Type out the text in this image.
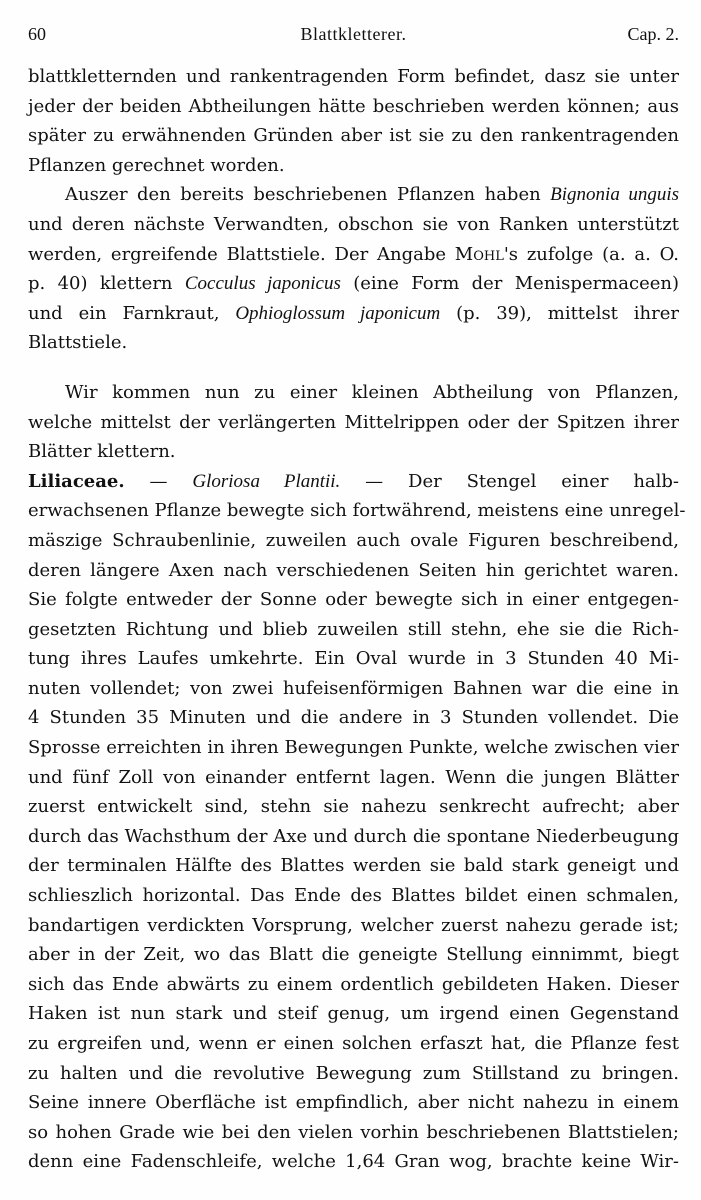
60	Blattkletterer.	Cap. 2.
blattkletternden und rankentragenden Form befindet, dasz sie unter
jeder der beiden Abtheilungen hätte beschrieben werden können; aus
später zu erwähnenden Gründen aber ist sie zu den rankentragenden
Pflanzen gerechnet worden.
Auszer den bereits beschriebenen Pflanzen haben Bignonia unguis
und deren nächste Verwandten, obschon sie von Ranken unterstützt
werden, ergreifende Blattstiele. Der Angabe Mohl's zufolge (a. a. O.
p. 40) klettern Cocculus japonicus (eine Form der Menispermaceen)
und ein Farnkraut, Ophioglossum japonicum (p. 39), mittelst ihrer
Blattstiele.
Wir kommen nun zu einer kleinen Abtheilung von Pflanzen,
welche mittelst der verlängerten Mittelrippen oder der Spitzen ihrer
Blätter klettern.
Liliaceae. — Gloriosa Plantii. — Der Stengel einer halb-
erwachsenen Pflanze bewegte sich fortwährend, meistens eine unregel-
mäszige Schraubenlinie, zuweilen auch ovale Figuren beschreibend,
deren längere Axen nach verschiedenen Seiten hin gerichtet waren.
Sie folgte entweder der Sonne oder bewegte sich in einer entgegen-
gesetzten Richtung und blieb zuweilen still stehn, ehe sie die Rich-
tung ihres Laufes umkehrte. Ein Oval wurde in 3 Stunden 40 Mi-
nuten vollendet; von zwei hufeisenförmigen Bahnen war die eine in
4 Stunden 35 Minuten und die andere in 3 Stunden vollendet. Die
Sprosse erreichten in ihren Bewegungen Punkte, welche zwischen vier
und fünf Zoll von einander entfernt lagen. Wenn die jungen Blätter
zuerst entwickelt sind, stehn sie nahezu senkrecht aufrecht; aber
durch das Wachsthum der Axe und durch die spontane Niederbeugung
der terminalen Hälfte des Blattes werden sie bald stark geneigt und
schlieszlich horizontal. Das Ende des Blattes bildet einen schmalen,
bandartigen verdickten Vorsprung, welcher zuerst nahezu gerade ist;
aber in der Zeit, wo das Blatt die geneigte Stellung einnimmt, biegt
sich das Ende abwärts zu einem ordentlich gebildeten Haken. Dieser
Haken ist nun stark und steif genug, um irgend einen Gegenstand
zu ergreifen und, wenn er einen solchen erfaszt hat, die Pflanze fest
zu halten und die revolutive Bewegung zum Stillstand zu bringen.
Seine innere Oberfläche ist empfindlich, aber nicht nahezu in einem
so hohen Grade wie bei den vielen vorhin beschriebenen Blattstielen;
denn eine Fadenschleife, welche 1,64 Gran wog, brachte keine Wir-
